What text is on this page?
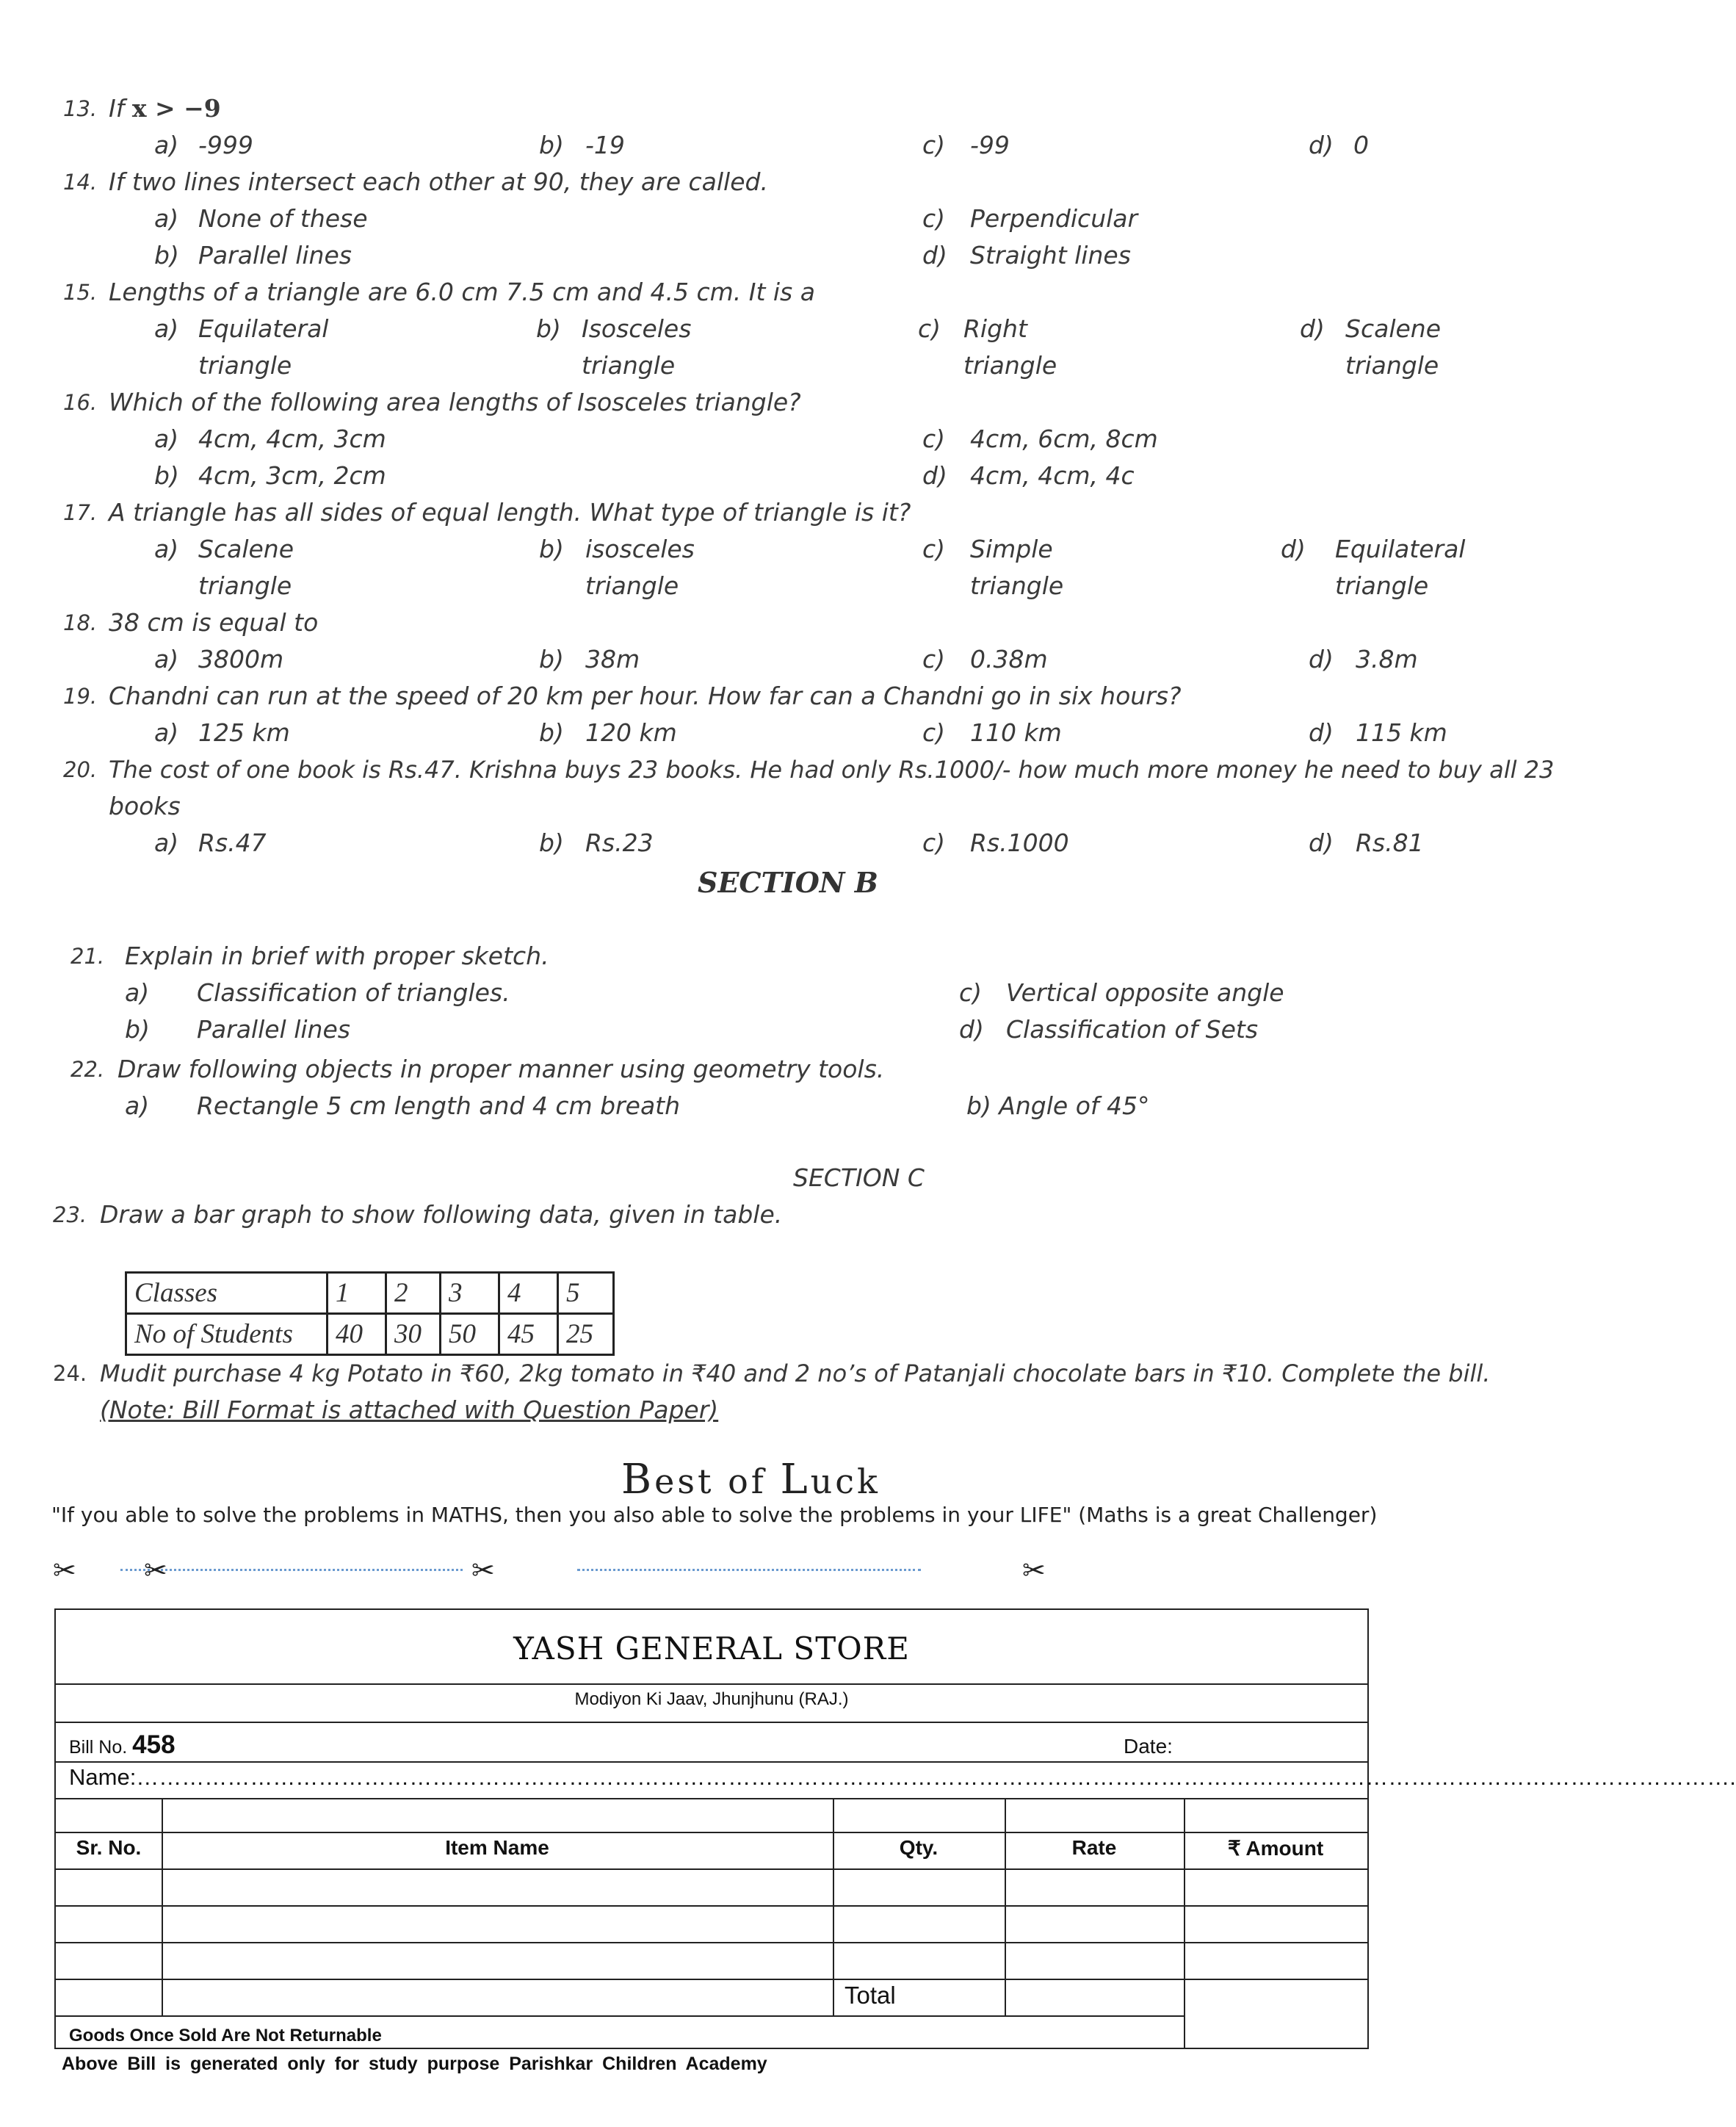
13. If x > −9
a) -999	b) -19	c) -99	d) 0
14. If two lines intersect each other at 90, they are called.
a) None of these
b) Parallel lines
c) Perpendicular
d) Straight lines
15. Lengths of a triangle are 6.0 cm 7.5 cm and 4.5 cm. It is a
a) Equilateral
triangle
b) Isosceles
triangle
c) Right
triangle
d) Scalene
triangle
16. Which of the following area lengths of Isosceles triangle?
a) 4cm, 4cm, 3cm
b) 4cm, 3cm, 2cm
c) 4cm, 6cm, 8cm
d) 4cm, 4cm, 4c
17. A triangle has all sides of equal length. What type of triangle is it?
a) Scalene
triangle
b) isosceles
triangle
c) Simple
triangle
d) Equilateral
triangle
18. 38 cm is equal to
a) 3800m	b) 38m	c) 0.38m	d) 3.8m
19. Chandni can run at the speed of 20 km per hour. How far can a Chandni go in six hours?
a) 125 km	b) 120 km	c) 110 km	d) 115 km
20. The cost of one book is Rs.47. Krishna buys 23 books. He had only Rs.1000/- how much more money he need to buy all 23
books
a) Rs.47	b) Rs.23	c) Rs.1000	d) Rs.81
SECTION B
21. Explain in brief with proper sketch.
a) Classification of triangles.
b) Parallel lines
c) Vertical opposite angle
d) Classification of Sets
22. Draw following objects in proper manner using geometry tools.
a) Rectangle 5 cm length and 4 cm breath	b) Angle of 45°
SECTION C
23. Draw a bar graph to show following data, given in table.
Classes	1	2	3	4	5
No of Students	40	30	50	45	25
24. Mudit purchase 4 kg Potato in ₹60, 2kg tomato in ₹40 and 2 no’s of Patanjali chocolate bars in ₹10. Complete the bill.
(Note: Bill Format is attached with Question Paper)
Best of Luck
"If you able to solve the problems in MATHS, then you also able to solve the problems in your LIFE" (Maths is a great Challenger)
✂ ✂	✂	✂
YASH GENERAL STORE
Modiyon Ki Jaav, Jhunjhunu (RAJ.)
Bill No. 458	Date:
Name:………………………………………………………………………………………………………………………………………………………………………………………….
Sr. No.	Item Name	Qty.	Rate	₹ Amount
Total
Goods Once Sold Are Not Returnable
Above Bill is generated only for study purpose Parishkar Children Academy
